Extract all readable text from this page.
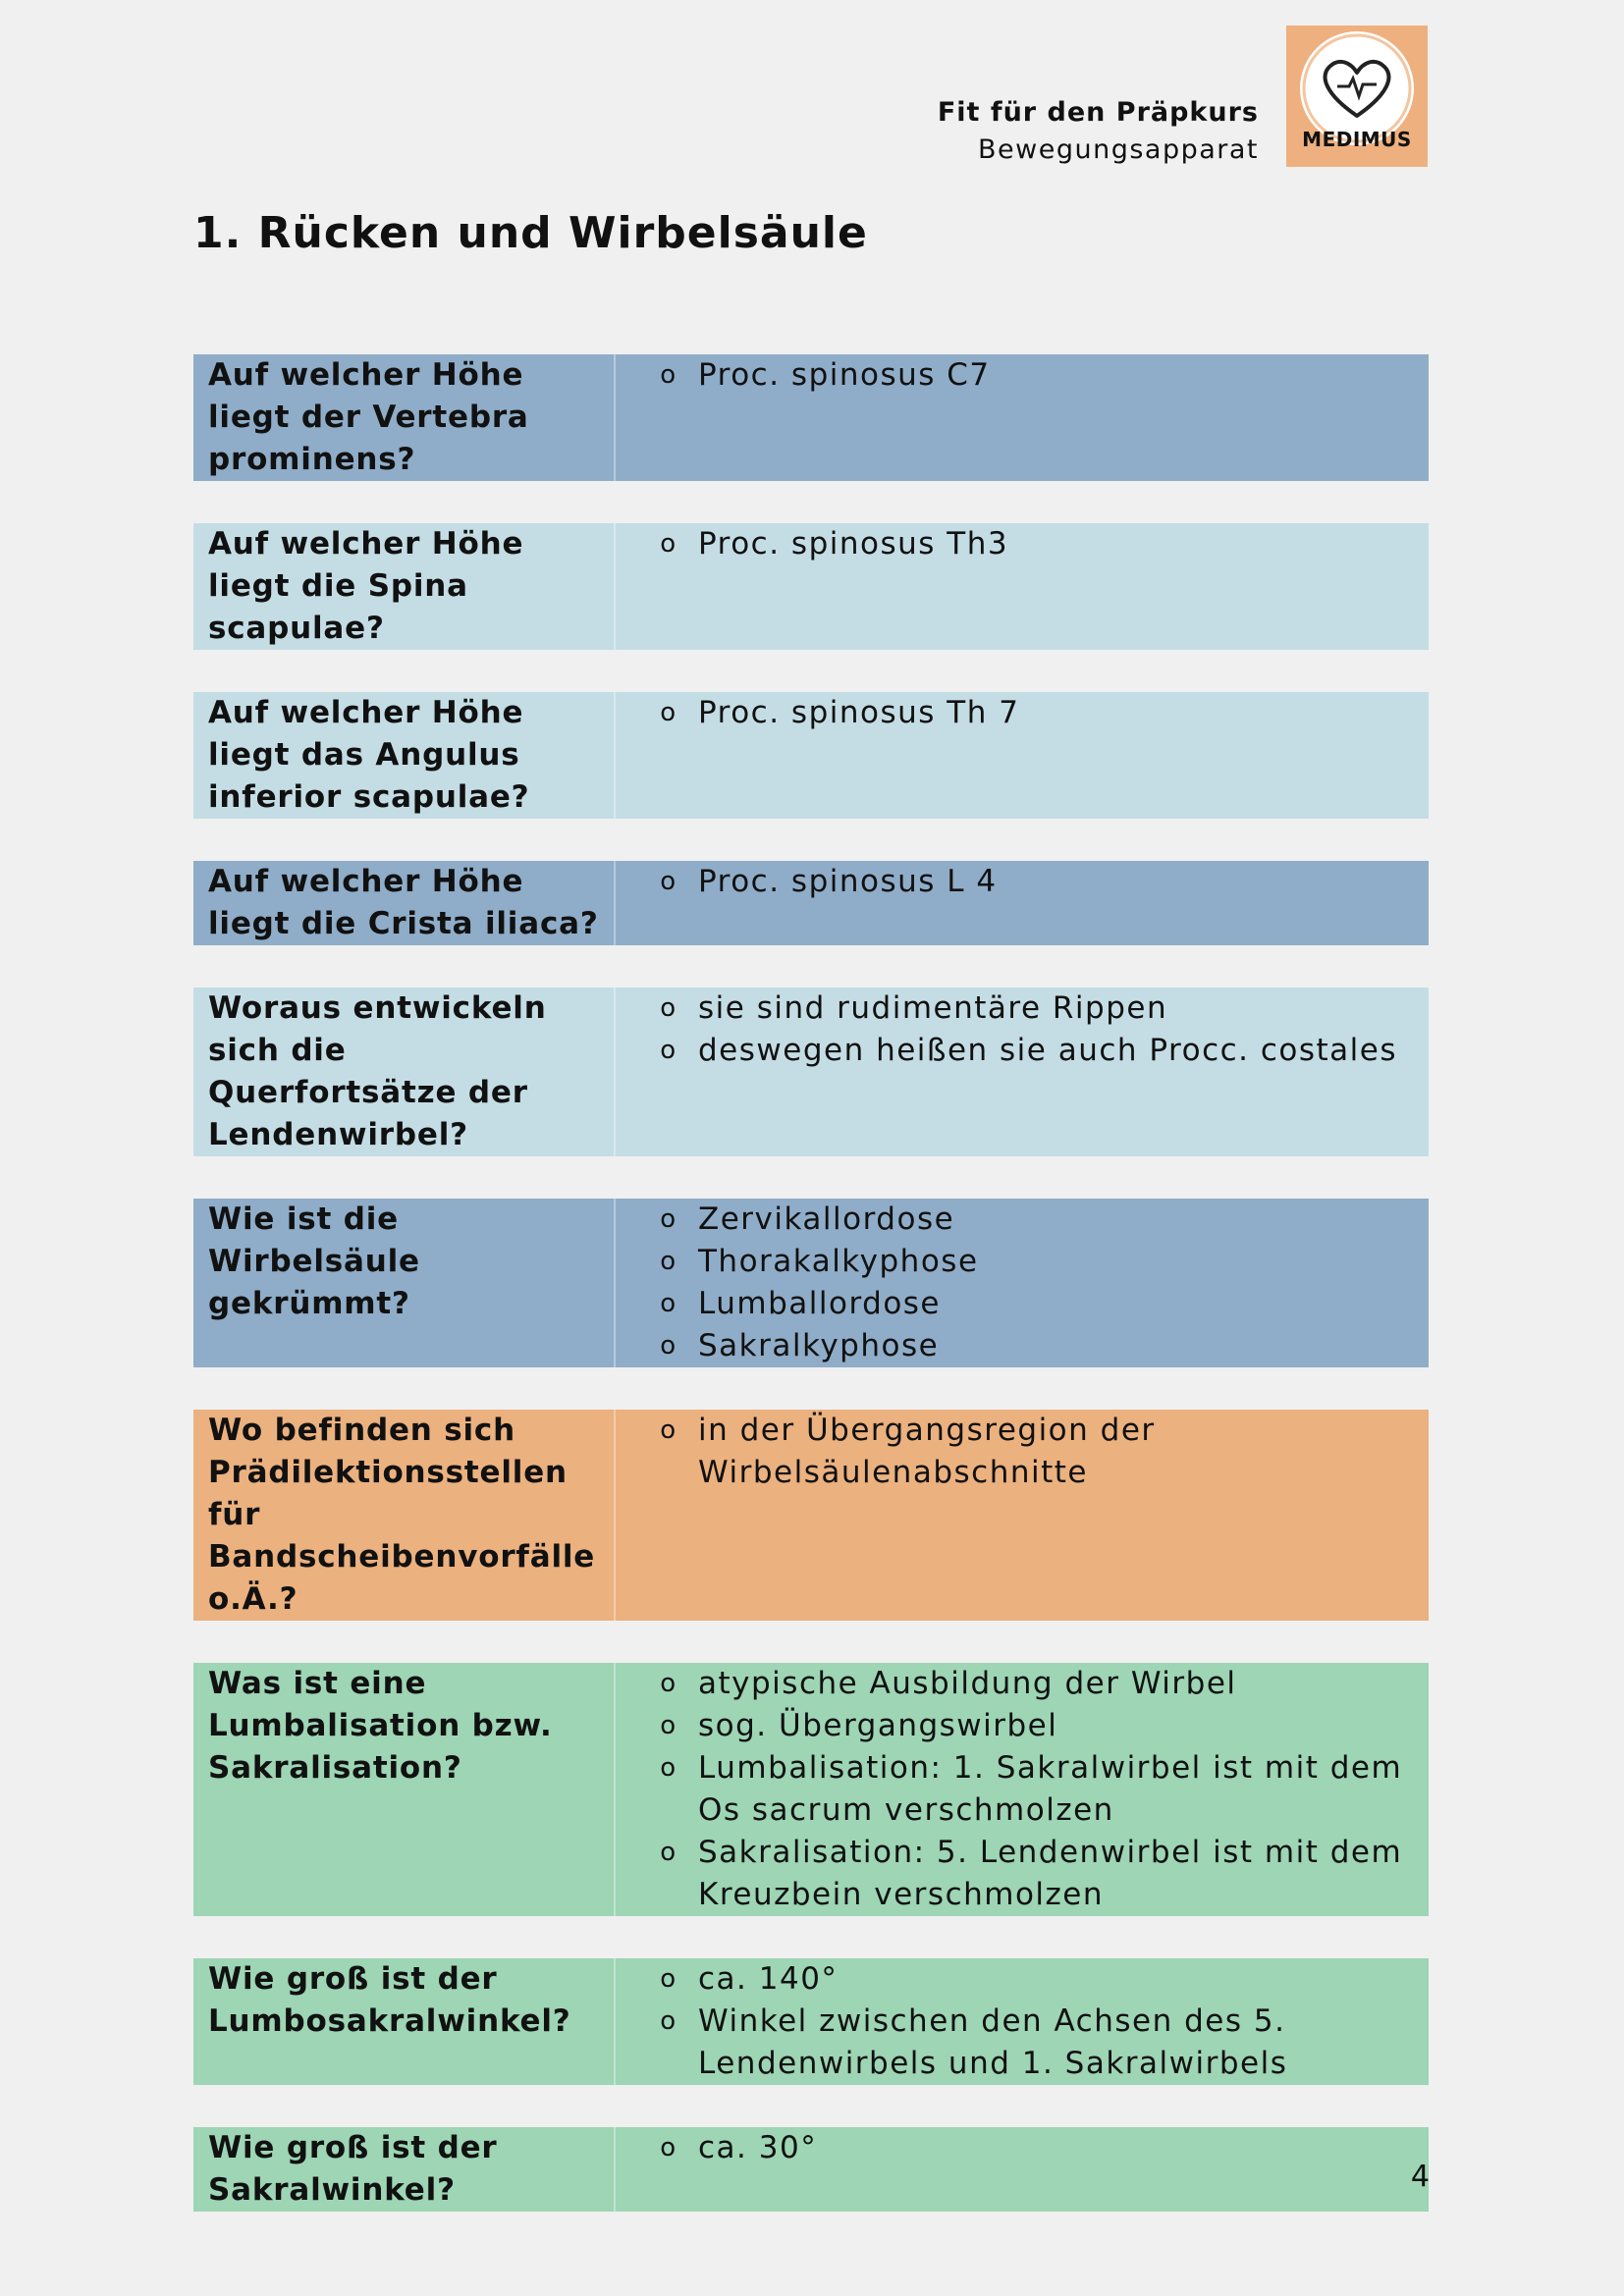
Fit für den Präpkurs
Bewegungsapparat	MEDIMUS
1. Rücken und Wirbelsäule
Auf welcher Höhe liegt der Vertebra prominens?
o Proc. spinosus C7
Auf welcher Höhe liegt die Spina scapulae?
o Proc. spinosus Th3
Auf welcher Höhe liegt das Angulus inferior scapulae?
o Proc. spinosus Th 7
Auf welcher Höhe liegt die Crista iliaca?
o Proc. spinosus L 4
Woraus entwickeln sich die Querfortsätze der Lendenwirbel?
o sie sind rudimentäre Rippen
o deswegen heißen sie auch Procc. costales
Wie ist die Wirbelsäule gekrümmt?
o Zervikallordose
o Thorakalkyphose
o Lumballordose
o Sakralkyphose
Wo befinden sich Prädilektionsstellen für Bandscheibenvorfälle o.Ä.?
o in der Übergangsregion der Wirbelsäulenabschnitte
Was ist eine Lumbalisation bzw. Sakralisation?
o atypische Ausbildung der Wirbel
o sog. Übergangswirbel
o Lumbalisation: 1. Sakralwirbel ist mit dem Os sacrum verschmolzen
o Sakralisation: 5. Lendenwirbel ist mit dem Kreuzbein verschmolzen
Wie groß ist der Lumbosakralwinkel?
o ca. 140°
o Winkel zwischen den Achsen des 5. Lendenwirbels und 1. Sakralwirbels
Wie groß ist der Sakralwinkel?
o ca. 30°
4
